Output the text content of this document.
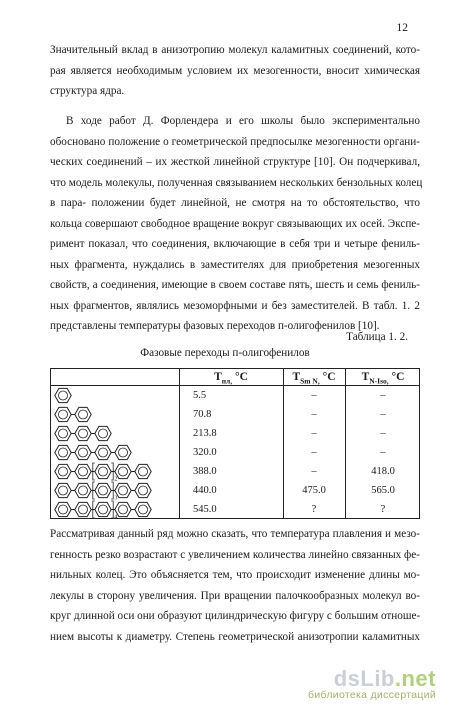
12
Значительный вклад в анизотропию молекул каламитных соединений, кото-
рая является необходимым условием их мезогенности, вносит химическая
структура ядра.
В ходе работ Д. Форлендера и его школы было экспериментально
обосновано положение о геометрической предпосылке мезогенности органи-
ческих соединений – их жесткой линейной структуре [10]. Он подчеркивал,
что модель молекулы, полученная связыванием нескольких бензольных колец
в пара- положении будет линейной, не смотря на то обстоятельство, что
кольца совершают свободное вращение вокруг связывающих их осей. Экспе-
римент показал, что соединения, включающие в себя три и четыре фениль-
ных фрагмента, нуждались в заместителях для приобретения мезогенных
свойств, а соединения, имеющие в своем составе пять, шесть и семь фениль-
ных фрагментов, являлись мезоморфными и без заместителей. В табл. 1. 2
представлены температуры фазовых переходов п-олигофенилов [10].
Таблица 1. 2.
Фазовые переходы п-олигофенилов
$T_{пл,}$ °C	$T_{Sm N,}$ °C	$T_{N-Iso,}$ °C
5.5	–	–
70.8	–	–
213.8	–	–
320.0	–	–
2
388.0	–	418.0
3
440.0	475.0	565.0
4
545.0	?	?
Рассматривая данный ряд можно сказать, что температура плавления и мезо-
генность резко возрастают с увеличением количества линейно связанных фе-
нильных колец. Это объясняется тем, что происходит изменение длины мо-
лекулы в сторону увеличения. При вращении палочкообразных молекул во-
круг длинной оси они образуют цилиндрическую фигуру с большим отноше-
нием высоты к диаметру. Степень геометрической анизотропии каламитных
dsLib.net
библиотека диссертаций
